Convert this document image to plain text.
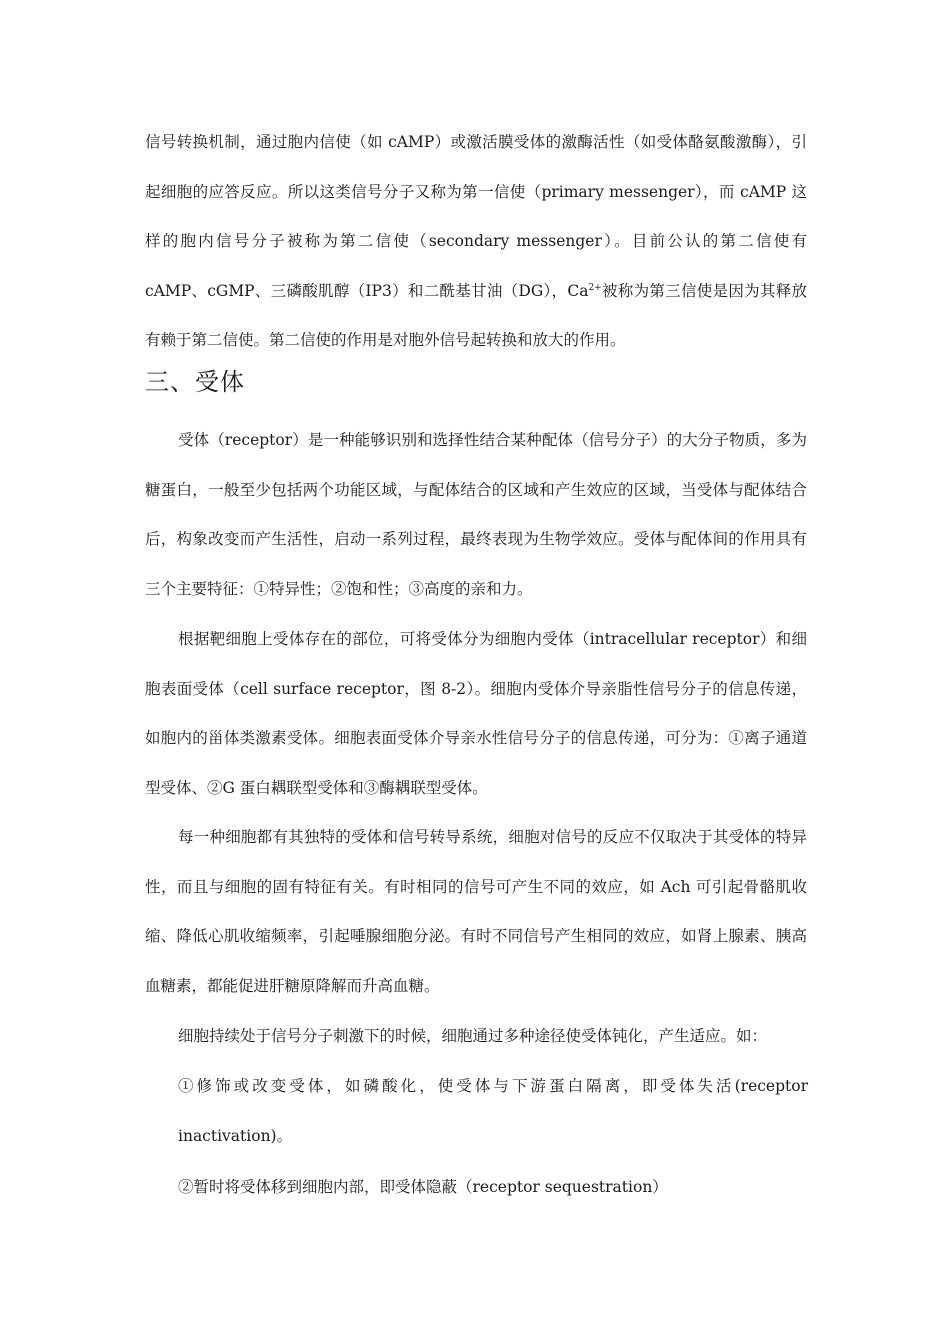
信号转换机制，通过胞内信使（如 cAMP）或激活膜受体的激酶活性（如受体酪氨酸激酶），引起细胞的应答反应。所以这类信号分子又称为第一信使（primary messenger），而 cAMP 这样的胞内信号分子被称为第二信使（secondary messenger）。目前公认的第二信使有 cAMP、cGMP、三磷酸肌醇（IP3）和二酰基甘油（DG），$Ca^{2+}$被称为第三信使是因为其释放有赖于第二信使。第二信使的作用是对胞外信号起转换和放大的作用。

三、受体

受体（receptor）是一种能够识别和选择性结合某种配体（信号分子）的大分子物质，多为糖蛋白，一般至少包括两个功能区域，与配体结合的区域和产生效应的区域，当受体与配体结合后，构象改变而产生活性，启动一系列过程，最终表现为生物学效应。受体与配体间的作用具有三个主要特征：①特异性；②饱和性；③高度的亲和力。

根据靶细胞上受体存在的部位，可将受体分为细胞内受体（intracellular receptor）和细胞表面受体（cell surface receptor，图 8-2）。细胞内受体介导亲脂性信号分子的信息传递，如胞内的甾体类激素受体。细胞表面受体介导亲水性信号分子的信息传递，可分为：①离子通道型受体、②G 蛋白耦联型受体和③酶耦联型受体。

每一种细胞都有其独特的受体和信号转导系统，细胞对信号的反应不仅取决于其受体的特异性，而且与细胞的固有特征有关。有时相同的信号可产生不同的效应，如 Ach 可引起骨骼肌收缩、降低心肌收缩频率，引起唾腺细胞分泌。有时不同信号产生相同的效应，如肾上腺素、胰高血糖素，都能促进肝糖原降解而升高血糖。

细胞持续处于信号分子刺激下的时候，细胞通过多种途径使受体钝化，产生适应。如：

①修饰或改变受体，如磷酸化，使受体与下游蛋白隔离，即受体失活(receptor inactivation)。

②暂时将受体移到细胞内部，即受体隐蔽（receptor sequestration）
